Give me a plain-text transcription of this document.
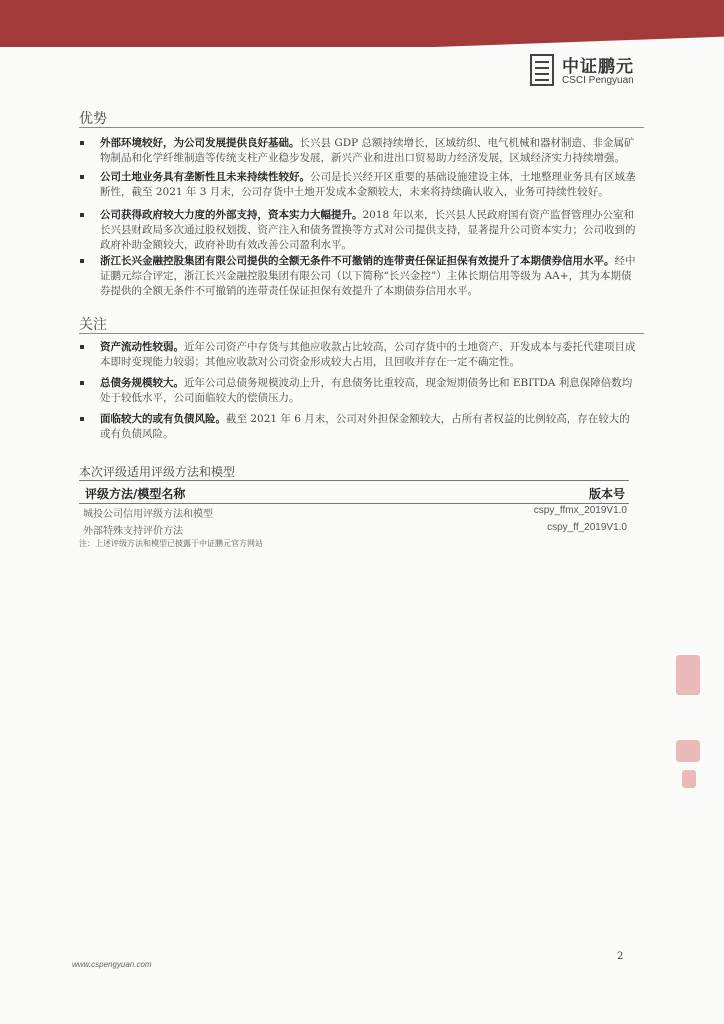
中证鹏元
CSCI Pengyuan
优势
外部环境较好，为公司发展提供良好基础。长兴县 GDP 总额持续增长，区域纺织、电气机械和器材制造、非金属矿物制品和化学纤维制造等传统支柱产业稳步发展，新兴产业和进出口贸易助力经济发展，区域经济实力持续增强。
公司土地业务具有垄断性且未来持续性较好。公司是长兴经开区重要的基础设施建设主体，土地整理业务具有区域垄断性，截至 2021 年 3 月末，公司存货中土地开发成本金额较大，未来将持续确认收入，业务可持续性较好。
公司获得政府较大力度的外部支持，资本实力大幅提升。2018 年以来，长兴县人民政府国有资产监督管理办公室和长兴县财政局多次通过股权划拨、资产注入和债务置换等方式对公司提供支持，显著提升公司资本实力；公司收到的政府补助金额较大，政府补助有效改善公司盈利水平。
浙江长兴金融控股集团有限公司提供的全额无条件不可撤销的连带责任保证担保有效提升了本期债券信用水平。经中证鹏元综合评定，浙江长兴金融控股集团有限公司（以下简称“长兴金控”）主体长期信用等级为 AA+，其为本期债券提供的全额无条件不可撤销的连带责任保证担保有效提升了本期债券信用水平。
关注
资产流动性较弱。近年公司资产中存货与其他应收款占比较高，公司存货中的土地资产、开发成本与委托代建项目成本即时变现能力较弱；其他应收款对公司资金形成较大占用，且回收并存在一定不确定性。
总债务规模较大。近年公司总债务规模波动上升，有息债务比重较高，现金短期债务比和 EBITDA 利息保障倍数均处于较低水平，公司面临较大的偿债压力。
面临较大的或有负债风险。截至 2021 年 6 月末，公司对外担保金额较大，占所有者权益的比例较高，存在较大的或有负债风险。
本次评级适用评级方法和模型
评级方法/模型名称	版本号
城投公司信用评级方法和模型	cspy_ffmx_2019V1.0
外部特殊支持评价方法	cspy_ff_2019V1.0
注：上述评级方法和模型已披露于中证鹏元官方网站
www.cspengyuan.com
2
